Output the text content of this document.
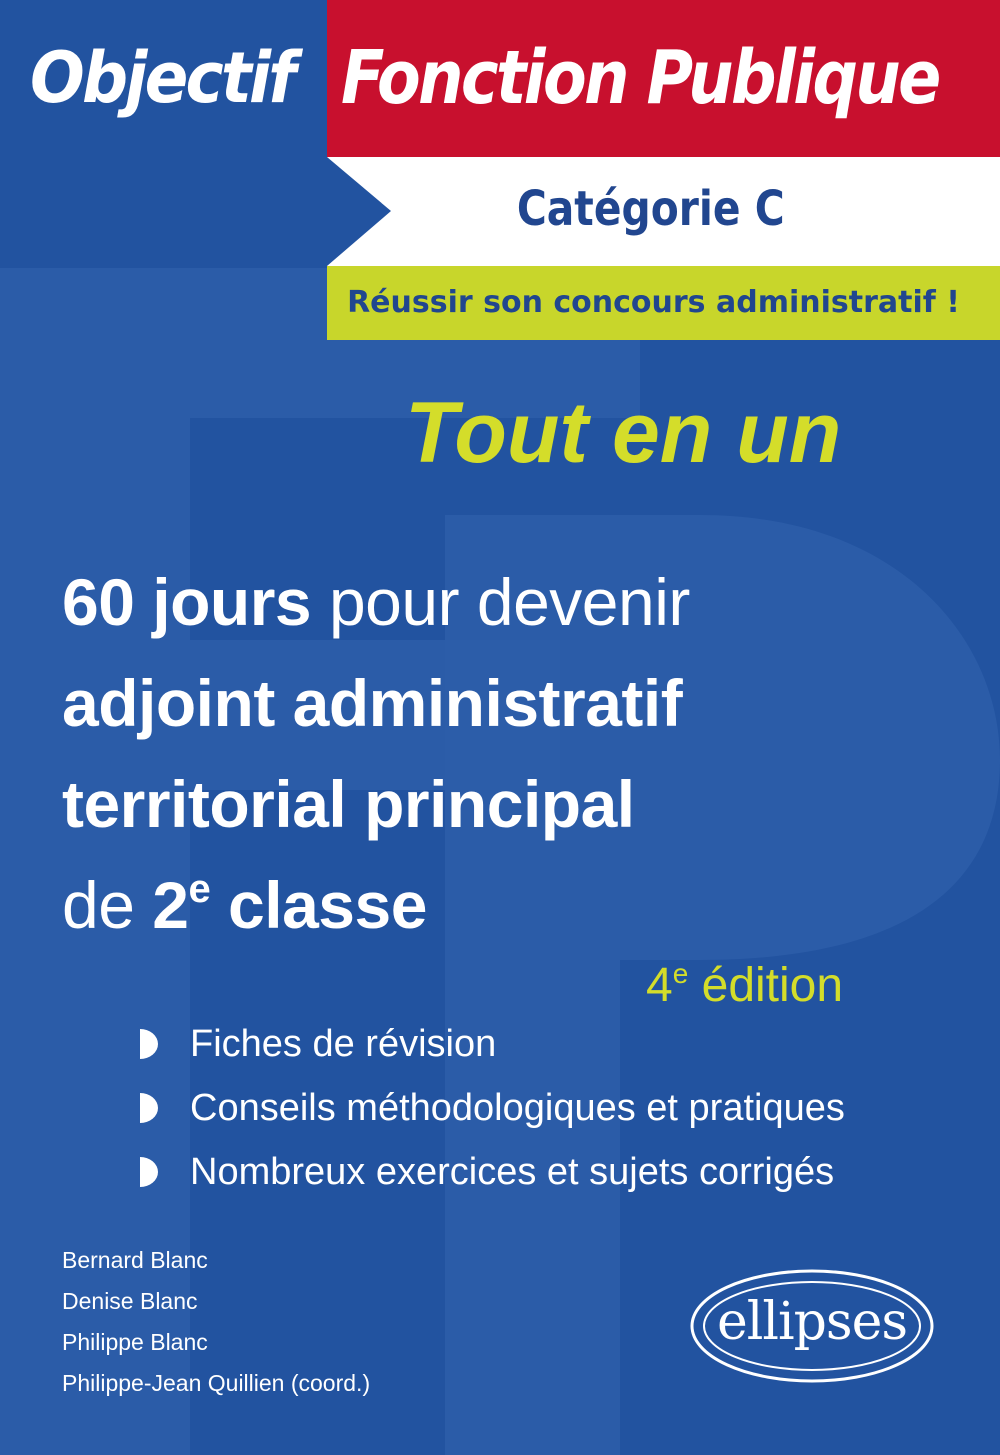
Objectif Fonction Publique
Catégorie C
Réussir son concours administratif !
Tout en un
60 jours pour devenir
adjoint administratif
territorial principal
de 2e classe
4e édition
Fiches de révision
Conseils méthodologiques et pratiques
Nombreux exercices et sujets corrigés
Bernard Blanc
Denise Blanc
Philippe Blanc
Philippe-Jean Quillien (coord.)
ellipses
